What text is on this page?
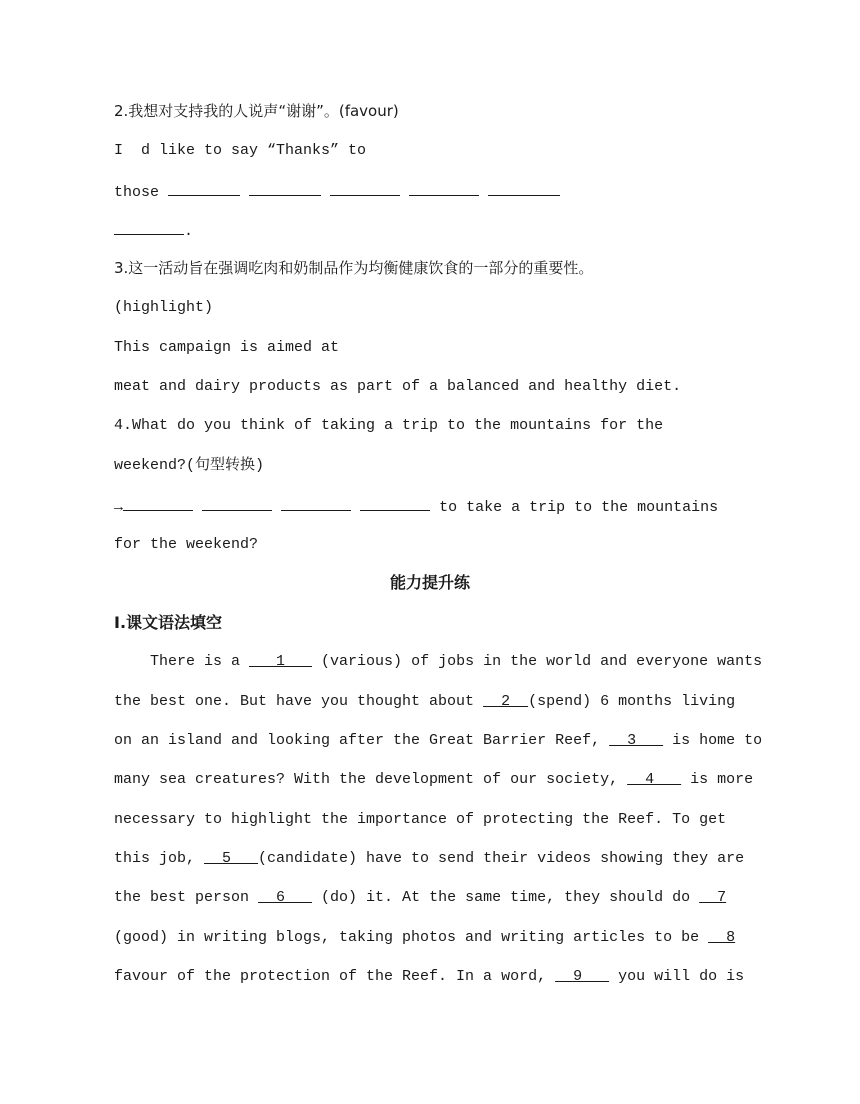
2.我想对支持我的人说声“谢谢”。(favour)
I  d like to say “Thanks” to
those
.
3.这一活动旨在强调吃肉和奶制品作为均衡健康饮食的一部分的重要性。
(highlight)
This campaign is aimed at
meat and dairy products as part of a balanced and healthy diet.
4.What do you think of taking a trip to the mountains for the
weekend?(句型转换)
→	to take a trip to the mountains
for the weekend?
能力提升练
Ⅰ.课文语法填空
There is a    1    (various) of jobs in the world and everyone wants
the best one. But have you thought about   2  (spend) 6 months living
on an island and looking after the Great Barrier Reef,   3    is home to
many sea creatures? With the development of our society,   4    is more
necessary to highlight the importance of protecting the Reef. To get
this job,   5   (candidate) have to send their videos showing they are
the best person   6    (do) it. At the same time, they should do   7
(good) in writing blogs, taking photos and writing articles to be   8
favour of the protection of the Reef. In a word,   9    you will do is
